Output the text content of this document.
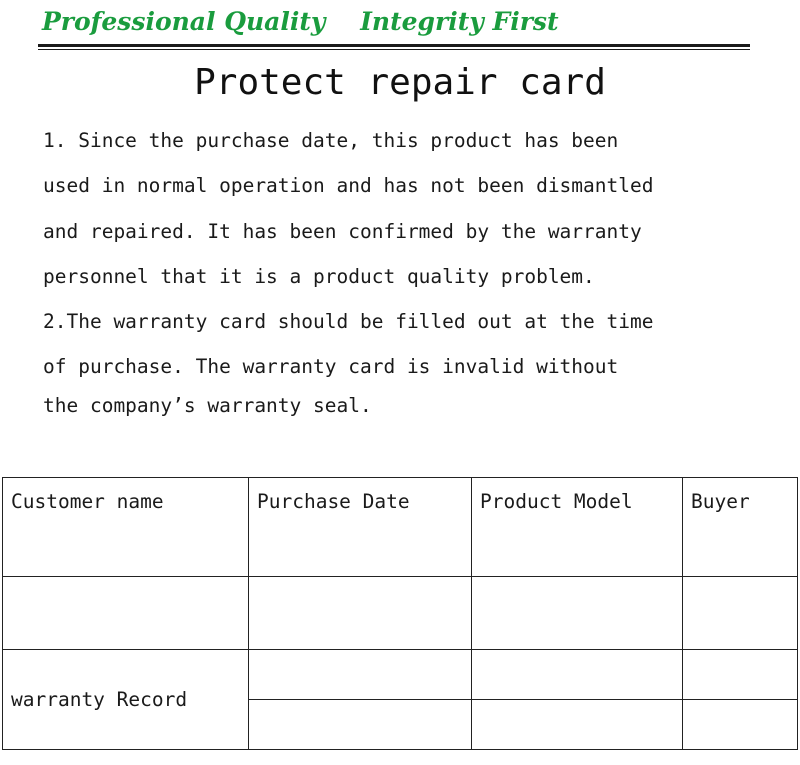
Professional Quality    Integrity First
Protect repair card
1. Since the purchase date, this product has been
used in normal operation and has not been dismantled
and repaired. It has been confirmed by the warranty
personnel that it is a product quality problem.
2.The warranty card should be filled out at the time
of purchase. The warranty card is invalid without
the company’s warranty seal.
Customer name	Purchase Date	Product Model	Buyer

warranty Record			
